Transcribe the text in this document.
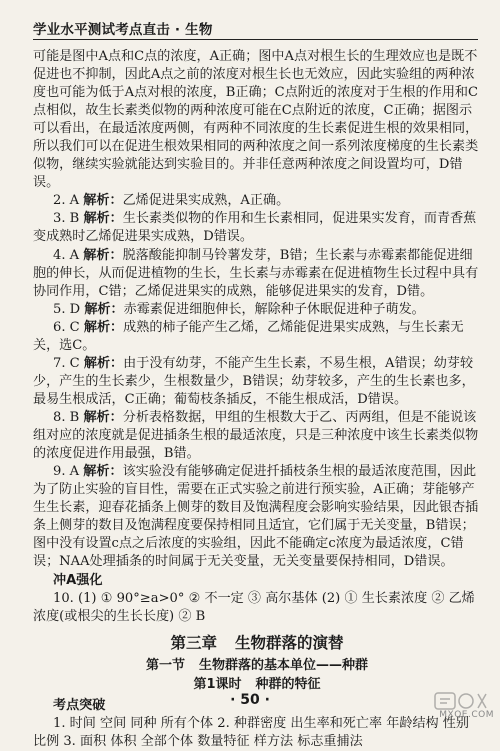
学业水平测试考点直击 · 生物

可能是图中A点和C点的浓度，A正确；图中A点对根生长的生理效应也是既不促进也不抑制，因此A点之前的浓度对根生长也无效应，因此实验组的两种浓度也可能为低于A点对根的浓度，B正确；C点附近的浓度对于生根的作用和C点相似，故生长素类似物的两种浓度可能在C点附近的浓度，C正确；据图示可以看出，在最适浓度两侧，有两种不同浓度的生长素促进生根的效果相同，所以我们可以在促进生根效果相同的两种浓度之间一系列浓度梯度的生长素类似物，继续实验就能达到实验目的。并非任意两种浓度之间设置均可，D错误。

2. A 解析：乙烯促进果实成熟，A正确。

3. B 解析：生长素类似物的作用和生长素相同，促进果实发育，而青香蕉变成熟时乙烯促进果实成熟，D错误。

4. A 解析：脱落酸能抑制马铃薯发芽，B错；生长素与赤霉素都能促进细胞的伸长，从而促进植物的生长，生长素与赤霉素在促进植物生长过程中具有协同作用，C错；乙烯促进果实的成熟，能够促进果实的发育，D错。

5. D 解析：赤霉素促进细胞伸长，解除种子休眠促进种子萌发。

6. C 解析：成熟的柿子能产生乙烯，乙烯能促进果实成熟，与生长素无关，选C。

7. C 解析：由于没有幼芽，不能产生生长素，不易生根，A错误；幼芽较少，产生的生长素少，生根数量少，B错误；幼芽较多，产生的生长素也多，最易生根成活，C正确；葡萄枝条插反，不能生根成活，D错误。

8. B 解析：分析表格数据，甲组的生根数大于乙、丙两组，但是不能说该组对应的浓度就是促进插条生根的最适浓度，只是三种浓度中该生长素类似物的浓度促进作用最强，B错。

9. A 解析：该实验没有能够确定促进扦插枝条生根的最适浓度范围，因此为了防止实验的盲目性，需要在正式实验之前进行预实验，A正确；芽能够产生生长素，迎春花插条上侧芽的数目及饱满程度会影响实验结果，因此银杏插条上侧芽的数目及饱满程度要保持相同且适宜，它们属于无关变量，B错误；图中没有设置c点之后浓度的实验组，因此不能确定c浓度为最适浓度，C错误；NAA处理插条的时间属于无关变量，无关变量要保持相同，D错误。

冲A强化

10. (1) ① 90°≥a>0° ② 不一定 ③ 高尔基体 (2) ① 生长素浓度 ② 乙烯浓度(或根尖的生长长度) ② B

第三章 生物群落的演替

第一节 生物群落的基本单位——种群

第1课时 种群的特征

考点突破

1. 时间 空间 同种 所有个体 2. 种群密度 出生率和死亡率 年龄结构 性别比例 3. 面积 体积 全部个体 数量特征 样方法 标志重捕法

· 50 ·
MXQE.COM
